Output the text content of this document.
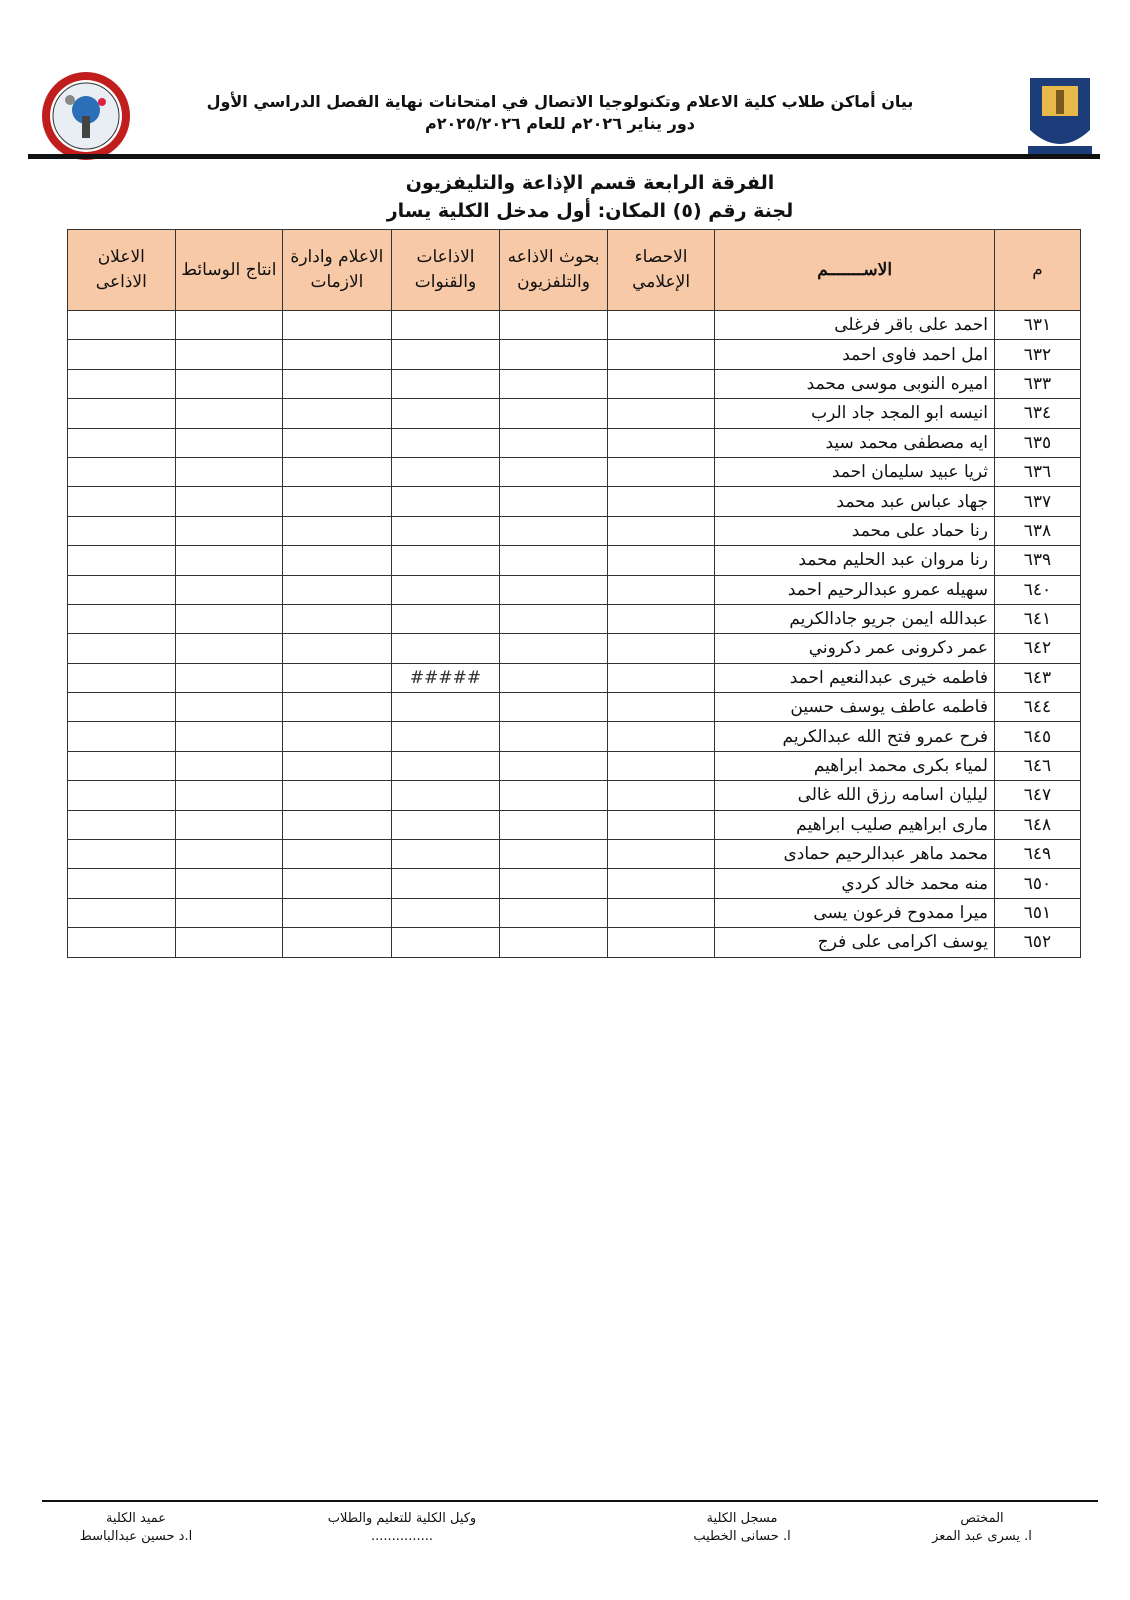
بيان أماكن طلاب كلية الاعلام وتكنولوجيا الاتصال في امتحانات نهاية الفصل الدراسي الأول
دور يناير ٢٠٢٦م للعام ٢٠٢٥/٢٠٢٦م
الفرقة الرابعة قسم الإذاعة والتليفزيون
لجنة رقم (٥) المكان: أول مدخل الكلية يسار
م	الاســـــــم	الاحصاء الإعلامي	بحوث الاذاعه والتلفزيون	الاذاعات والقنوات	الاعلام وادارة الازمات	انتاج الوسائط	الاعلان الاذاعى
٦٣١	احمد على باقر فرغلى						
٦٣٢	امل احمد فاوى احمد						
٦٣٣	اميره النوبى موسى محمد						
٦٣٤	انيسه ابو المجد جاد الرب						
٦٣٥	ايه مصطفى محمد سيد						
٦٣٦	ثريا عبيد سليمان احمد						
٦٣٧	جهاد عباس عبد محمد						
٦٣٨	رنا حماد على محمد						
٦٣٩	رنا مروان عبد الحليم محمد						
٦٤٠	سهيله عمرو عبدالرحيم احمد						
٦٤١	عبدالله ايمن جريو جادالكريم						
٦٤٢	عمر دكرونى عمر دكروني						
٦٤٣	فاطمه خيرى عبدالنعيم احمد			#####			
٦٤٤	فاطمه عاطف يوسف حسين						
٦٤٥	فرح عمرو فتح الله عبدالكريم						
٦٤٦	لمياء بكرى محمد ابراهيم						
٦٤٧	ليليان اسامه رزق الله غالى						
٦٤٨	مارى ابراهيم صليب ابراهيم						
٦٤٩	محمد ماهر عبدالرحيم حمادى						
٦٥٠	منه محمد خالد كردي						
٦٥١	ميرا ممدوح فرعون يسى						
٦٥٢	يوسف اكرامى على فرج						
المختص
ا. يسرى عبد المعز
مسجل الكلية
ا. حسانى الخطيب
وكيل الكلية للتعليم والطلاب
...............
عميد الكلية
ا.د حسين عبدالباسط
